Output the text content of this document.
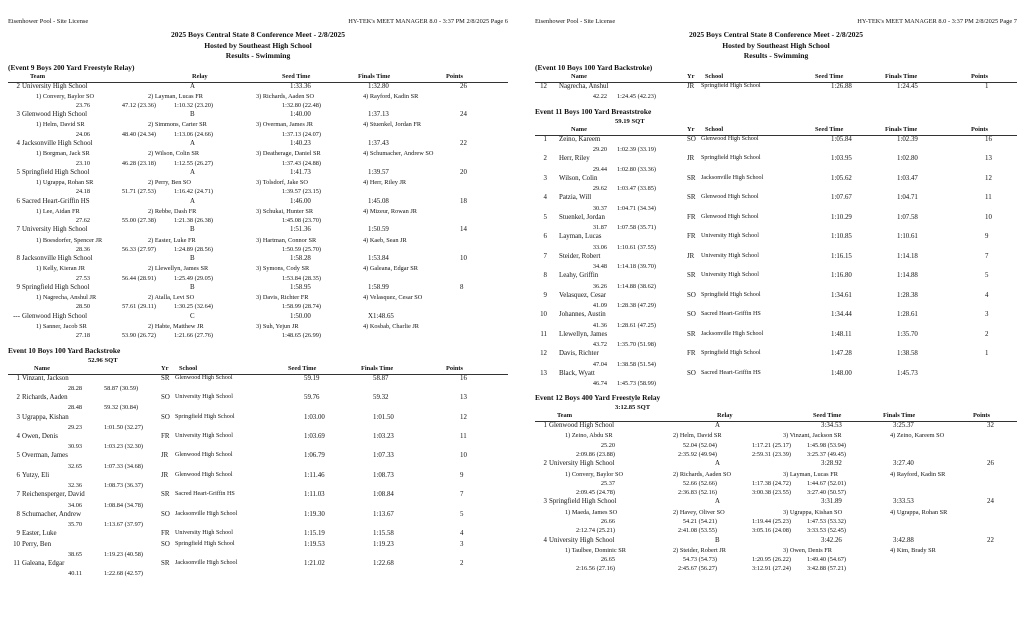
Eisenhower Pool - Site License	HY-TEK's MEET MANAGER 8.0 - 3:37 PM 2/8/2025 Page 6
2025 Boys Central State 8 Conference Meet - 2/8/2025
Hosted by Southeast High School
Results - Swimming
(Event 9 Boys 200 Yard Freestyle Relay)
Team	Relay	Seed Time	Finals Time	Points
2 University High School	A	1:33.36	1:32.80	26
1) Convery, Baylor SO	2) Layman, Lucas FR	3) Richards, Aaden SO	4) Rayford, Kadin SR
23.76	47.12 (23.36)	1:10.32 (23.20)	1:32.80 (22.48)
3 Glenwood High School	B	1:40.00	1:37.13	24
1) Helm, David SR	2) Simmons, Carter SR	3) Overman, James JR	4) Stuenkel, Jordan FR
24.06	48.40 (24.34)	1:13.06 (24.66)	1:37.13 (24.07)
4 Jacksonville High School	A	1:40.23	1:37.43	22
1) Borgman, Jack SR	2) Wilson, Colin SR	3) Deatherage, Daniel SR	4) Schumacher, Andrew SO
23.10	46.28 (23.18)	1:12.55 (26.27)	1:37.43 (24.88)
5 Springfield High School	A	1:41.73	1:39.57	20
1) Ugrappa, Rohan SR	2) Perry, Ben SO	3) Tolsdorf, Jake SO	4) Herr, Riley JR
24.18	51.71 (27.53)	1:16.42 (24.71)	1:39.57 (23.15)
6 Sacred Heart-Griffin HS	A	1:46.00	1:45.08	18
1) Lee, Aidan FR	2) Rebbe, Dash FR	3) Schukai, Hunter SR	4) Mizeur, Rowan JR
27.62	55.00 (27.38)	1:21.38 (26.38)	1:45.08 (23.70)
7 University High School	B	1:51.36	1:50.59	14
1) Boesdorfer, Spencer JR	2) Easter, Luke FR	3) Hartman, Connor SR	4) Kaeb, Sean JR
28.36	56.33 (27.97)	1:24.89 (28.56)	1:50.59 (25.70)
8 Jacksonville High School	B	1:58.28	1:53.84	10
1) Kelly, Kieran JR	2) Llewellyn, James SR	3) Symons, Cody SR	4) Galeana, Edgar SR
27.53	56.44 (28.91)	1:25.49 (29.05)	1:53.84 (28.35)
9 Springfield High School	B	1:58.95	1:58.99	8
1) Nagrecha, Anshul JR	2) Atalla, Levi SO	3) Davis, Richter FR	4) Velasquez, Cesar SO
28.50	57.61 (29.11)	1:30.25 (32.64)	1:58.99 (28.74)
--- Glenwood High School	C	1:50.00	X1:48.65
1) Sanner, Jacob SR	2) Habte, Matthew JR	3) Suh, Yejun JR	4) Kosbab, Charlie JR
27.18	53.90 (26.72)	1:21.66 (27.76)	1:48.65 (26.99)
Event 10 Boys 100 Yard Backstroke
52.96 SQT
Name	Yr School	Seed Time	Finals Time	Points
1 Vinzant, Jackson	SR Glenwood High School	59.19	58.87	16
28.28	58.87 (30.59)
2 Richards, Aaden	SO University High School	59.76	59.32	13
28.48	59.32 (30.84)
3 Ugrappa, Kishan	SO Springfield High School	1:03.00	1:01.50	12
29.23	1:01.50 (32.27)
4 Owen, Denis	FR University High School	1:03.69	1:03.23	11
30.93	1:03.23 (32.30)
5 Overman, James	JR Glenwood High School	1:06.79	1:07.33	10
32.65	1:07.33 (34.68)
6 Yutzy, Eli	JR Glenwood High School	1:11.46	1:08.73	9
32.36	1:08.73 (36.37)
7 Reichensperger, David	SR Sacred Heart-Griffin HS	1:11.03	1:08.84	7
34.06	1:08.84 (34.78)
8 Schumacher, Andrew	SO Jacksonville High School	1:19.30	1:13.67	5
35.70	1:13.67 (37.97)
9 Easter, Luke	FR University High School	1:15.19	1:15.58	4
10 Perry, Ben	SO Springfield High School	1:19.53	1:19.23	3
38.65	1:19.23 (40.58)
11 Galeana, Edgar	SR Jacksonville High School	1:21.02	1:22.68	2
40.11	1:22.68 (42.57)
Eisenhower Pool - Site License	HY-TEK's MEET MANAGER 8.0 - 3:37 PM 2/8/2025 Page 7
2025 Boys Central State 8 Conference Meet - 2/8/2025
Hosted by Southeast High School
Results - Swimming
(Event 10 Boys 100 Yard Backstroke)
Name	Yr School	Seed Time	Finals Time	Points
12 Nagrecha, Anshul	JR Springfield High School	1:26.88	1:24.45	1
42.22 1:24.45 (42.23)
Event 11 Boys 100 Yard Breaststroke
59.19 SQT
Name	Yr School	Seed Time	Finals Time	Points
1 Zeino, Kareem	SO Glenwood High School	1:05.84	1:02.39	16
29.20 1:02.39 (33.19)
2 Herr, Riley	JR Springfield High School	1:03.95	1:02.80	13
29.44 1:02.80 (33.36)
3 Wilson, Colin	SR Jacksonville High School	1:05.62	1:03.47	12
29.62 1:03.47 (33.85)
4 Patzia, Will	SR Glenwood High School	1:07.67	1:04.71	11
30.37 1:04.71 (34.34)
5 Stuenkel, Jordan	FR Glenwood High School	1:10.29	1:07.58	10
31.87 1:07.58 (35.71)
6 Layman, Lucas	FR University High School	1:10.85	1:10.61	9
33.06 1:10.61 (37.55)
7 Steider, Robert	JR University High School	1:16.15	1:14.18	7
34.48 1:14.18 (39.70)
8 Leahy, Griffin	SR University High School	1:16.80	1:14.88	5
36.26 1:14.88 (38.62)
9 Velasquez, Cesar	SO Springfield High School	1:34.61	1:28.38	4
41.09 1:28.38 (47.29)
10 Johannes, Austin	SO Sacred Heart-Griffin HS	1:34.44	1:28.61	3
41.36 1:28.61 (47.25)
11 Llewellyn, James	SR Jacksonville High School	1:48.11	1:35.70	2
43.72 1:35.70 (51.98)
12 Davis, Richter	FR Springfield High School	1:47.28	1:38.58	1
47.04 1:38.58 (51.54)
13 Black, Wyatt	SO Sacred Heart-Griffin HS	1:48.00	1:45.73
46.74 1:45.73 (58.99)
Event 12 Boys 400 Yard Freestyle Relay
3:12.85 SQT
Team	Relay	Seed Time	Finals Time	Points
1 Glenwood High School	A	3:34.53	3:25.37	32
1) Zeino, Abdu SR	2) Helm, David SR	3) Vinzant, Jackson SR	4) Zeino, Kareem SO
25.20	52.04 (52.04)	1:17.21 (25.17)	1:45.98 (53.94)
2:09.86 (23.88)	2:35.92 (49.94)	2:59.31 (23.39)	3:25.37 (49.45)
2 University High School	A	3:28.92	3:27.40	26
1) Convery, Baylor SO	2) Richards, Aaden SO	3) Layman, Lucas FR	4) Rayford, Kadin SR
25.37	52.66 (52.66)	1:17.38 (24.72)	1:44.67 (52.01)
2:09.45 (24.78)	2:36.83 (52.16)	3:00.38 (23.55)	3:27.40 (50.57)
3 Springfield High School	A	3:31.89	3:33.53	24
1) Maeda, James SO	2) Havey, Oliver SO	3) Ugrappa, Kishan SO	4) Ugrappa, Rohan SR
26.66	54.21 (54.21)	1:19.44 (25.23)	1:47.53 (53.32)
2:12.74 (25.21)	2:41.08 (53.55)	3:05.16 (24.08)	3:33.53 (52.45)
4 University High School	B	3:42.26	3:42.88	22
1) Taulbee, Dominic SR	2) Steider, Robert JR	3) Owen, Denis FR	4) Kim, Brady SR
26.65	54.73 (54.73)	1:20.95 (26.22)	1:49.40 (54.67)
2:16.56 (27.16)	2:45.67 (56.27)	3:12.91 (27.24)	3:42.88 (57.21)
